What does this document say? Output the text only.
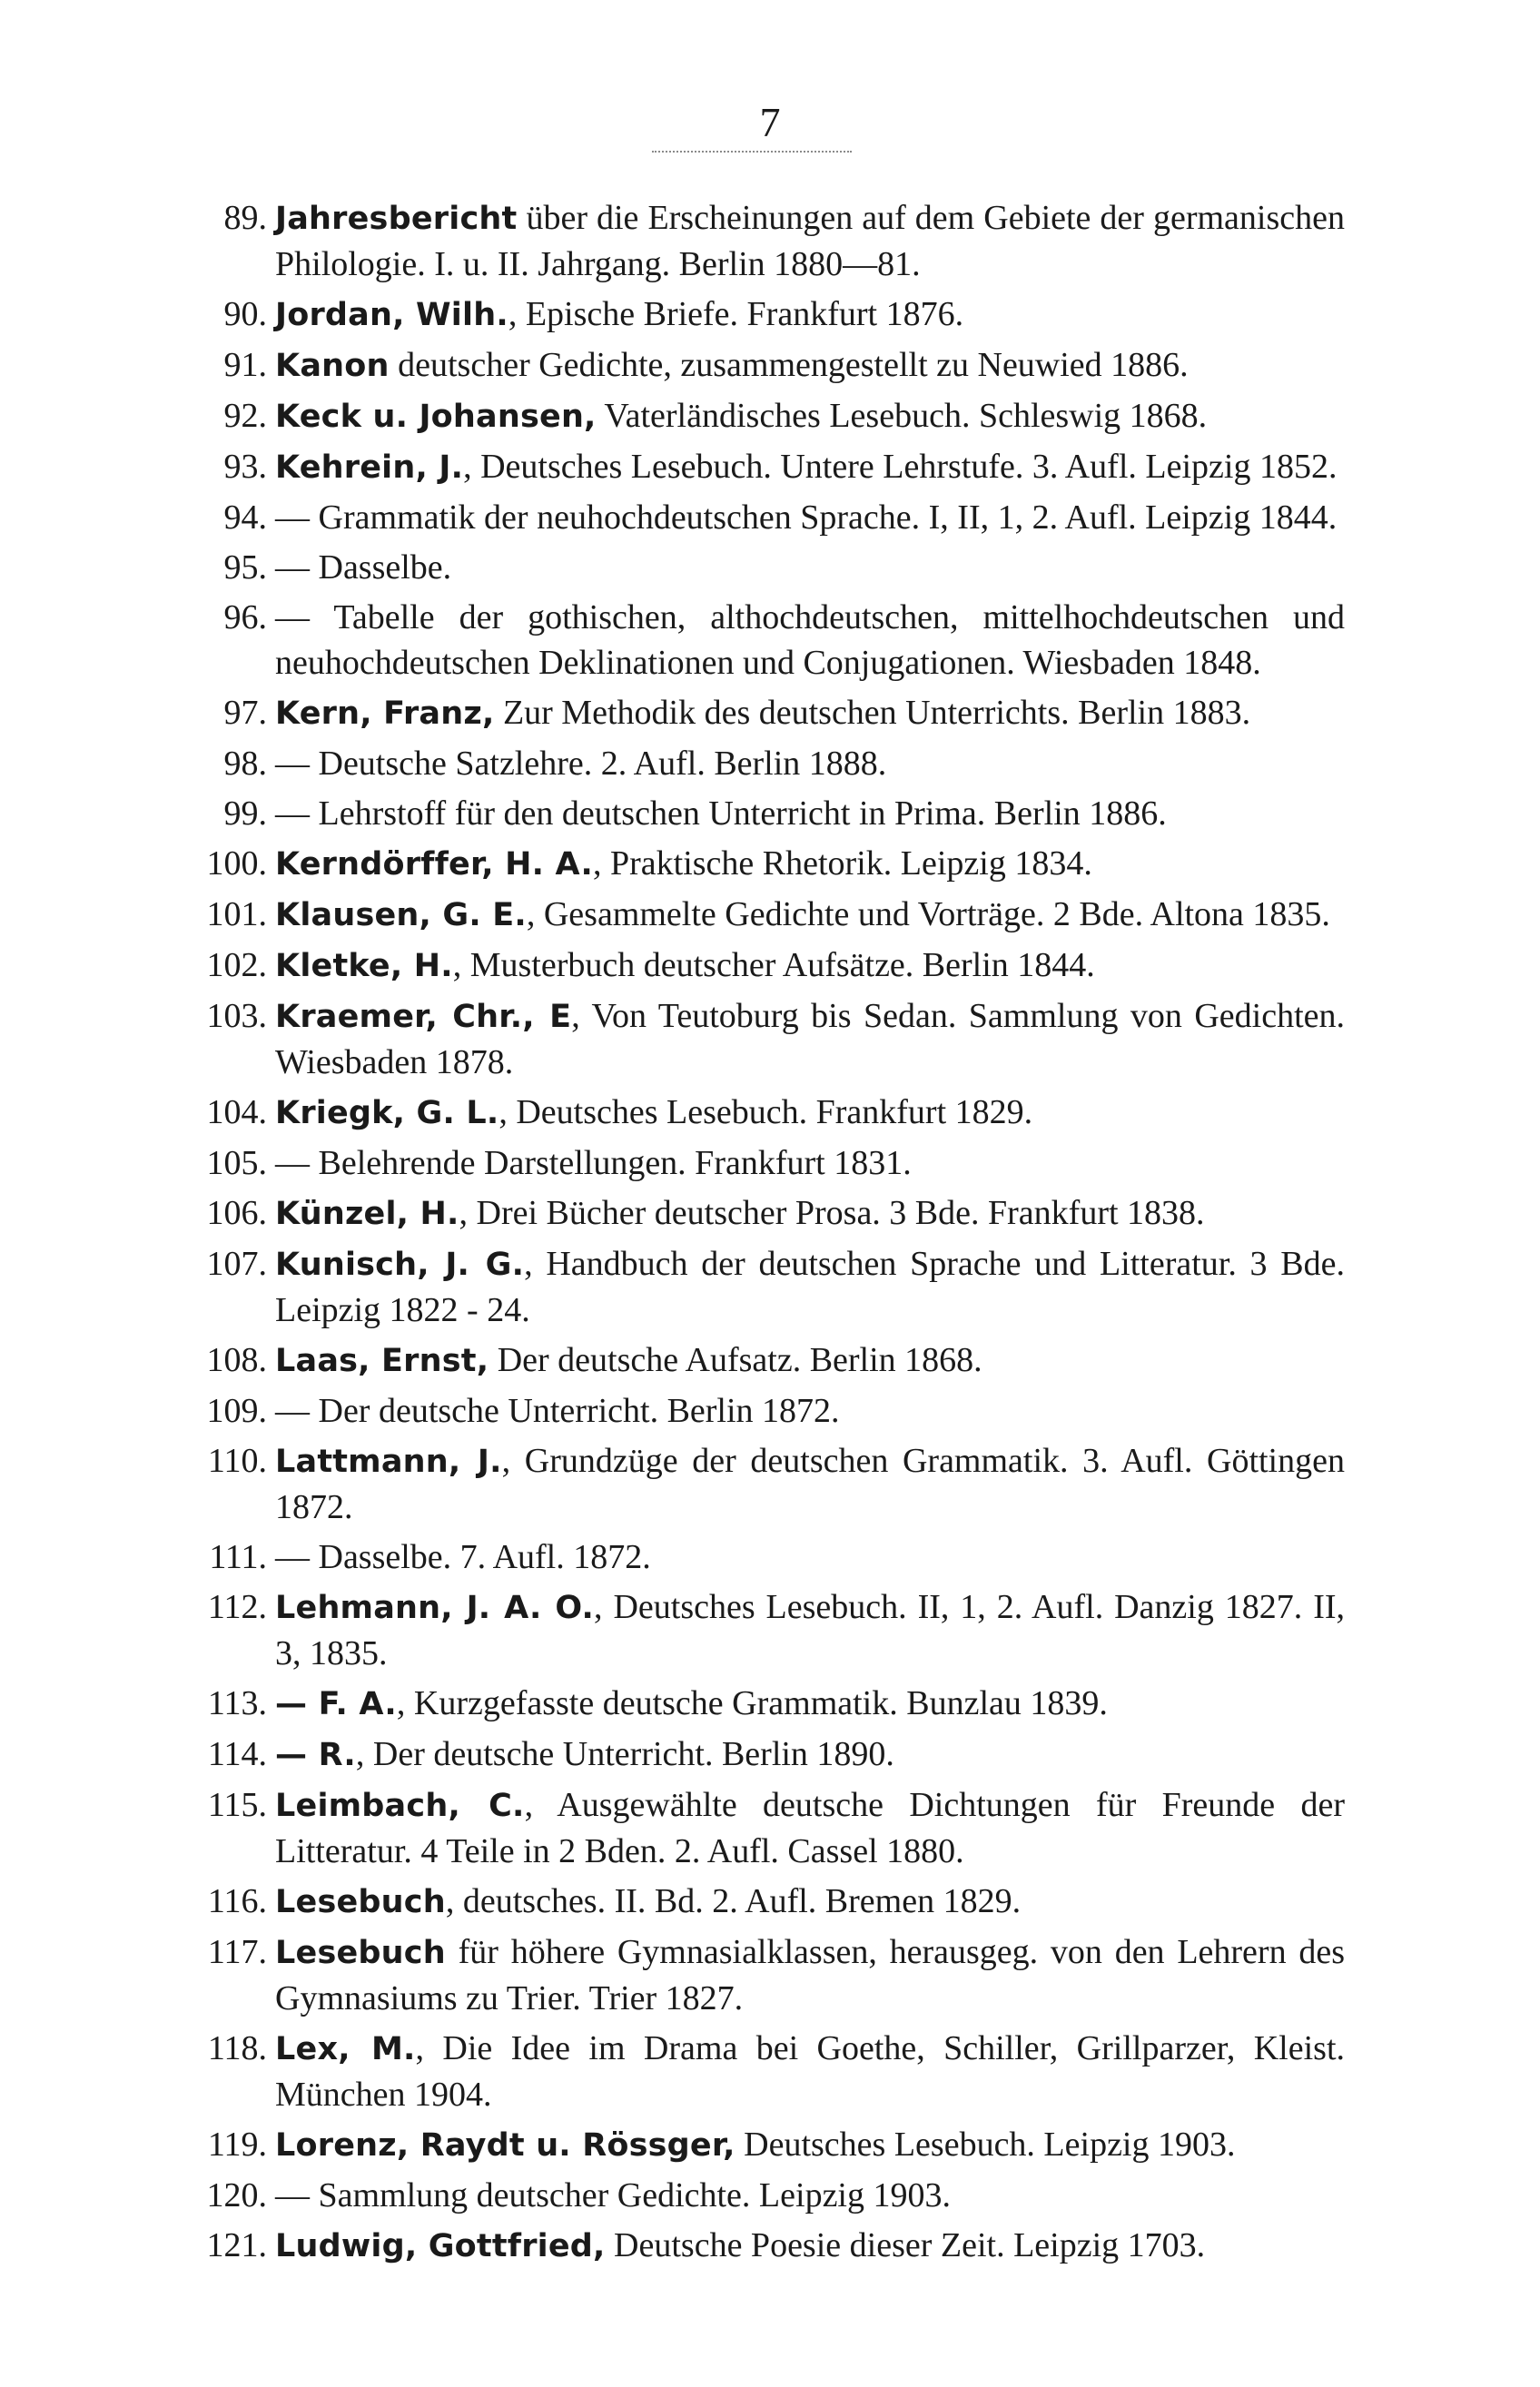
7
89. Jahresbericht über die Erscheinungen auf dem Gebiete der germanischen Philologie. I. u. II. Jahrgang. Berlin 1880—81.
90. Jordan, Wilh., Epische Briefe. Frankfurt 1876.
91. Kanon deutscher Gedichte, zusammengestellt zu Neuwied 1886.
92. Keck u. Johansen, Vaterländisches Lesebuch. Schleswig 1868.
93. Kehrein, J., Deutsches Lesebuch. Untere Lehrstufe. 3. Aufl. Leipzig 1852.
94. — Grammatik der neuhochdeutschen Sprache. I, II, 1, 2. Aufl. Leipzig 1844.
95. — Dasselbe.
96. — Tabelle der gothischen, althochdeutschen, mittelhochdeutschen und neuhochdeutschen Deklinationen und Conjugationen. Wiesbaden 1848.
97. Kern, Franz, Zur Methodik des deutschen Unterrichts. Berlin 1883.
98. — Deutsche Satzlehre. 2. Aufl. Berlin 1888.
99. — Lehrstoff für den deutschen Unterricht in Prima. Berlin 1886.
100. Kerndörffer, H. A., Praktische Rhetorik. Leipzig 1834.
101. Klausen, G. E., Gesammelte Gedichte und Vorträge. 2 Bde. Altona 1835.
102. Kletke, H., Musterbuch deutscher Aufsätze. Berlin 1844.
103. Kraemer, Chr., E, Von Teutoburg bis Sedan. Sammlung von Gedichten. Wiesbaden 1878.
104. Kriegk, G. L., Deutsches Lesebuch. Frankfurt 1829.
105. — Belehrende Darstellungen. Frankfurt 1831.
106. Künzel, H., Drei Bücher deutscher Prosa. 3 Bde. Frankfurt 1838.
107. Kunisch, J. G., Handbuch der deutschen Sprache und Litteratur. 3 Bde. Leipzig 1822 - 24.
108. Laas, Ernst, Der deutsche Aufsatz. Berlin 1868.
109. — Der deutsche Unterricht. Berlin 1872.
110. Lattmann, J., Grundzüge der deutschen Grammatik. 3. Aufl. Göttingen 1872.
111. — Dasselbe. 7. Aufl. 1872.
112. Lehmann, J. A. O., Deutsches Lesebuch. II, 1, 2. Aufl. Danzig 1827. II, 3, 1835.
113. — F. A., Kurzgefasste deutsche Grammatik. Bunzlau 1839.
114. — R., Der deutsche Unterricht. Berlin 1890.
115. Leimbach, C., Ausgewählte deutsche Dichtungen für Freunde der Litteratur. 4 Teile in 2 Bden. 2. Aufl. Cassel 1880.
116. Lesebuch, deutsches. II. Bd. 2. Aufl. Bremen 1829.
117. Lesebuch für höhere Gymnasialklassen, herausgeg. von den Lehrern des Gymnasiums zu Trier. Trier 1827.
118. Lex, M., Die Idee im Drama bei Goethe, Schiller, Grillparzer, Kleist. München 1904.
119. Lorenz, Raydt u. Rössger, Deutsches Lesebuch. Leipzig 1903.
120. — Sammlung deutscher Gedichte. Leipzig 1903.
121. Ludwig, Gottfried, Deutsche Poesie dieser Zeit. Leipzig 1703.
